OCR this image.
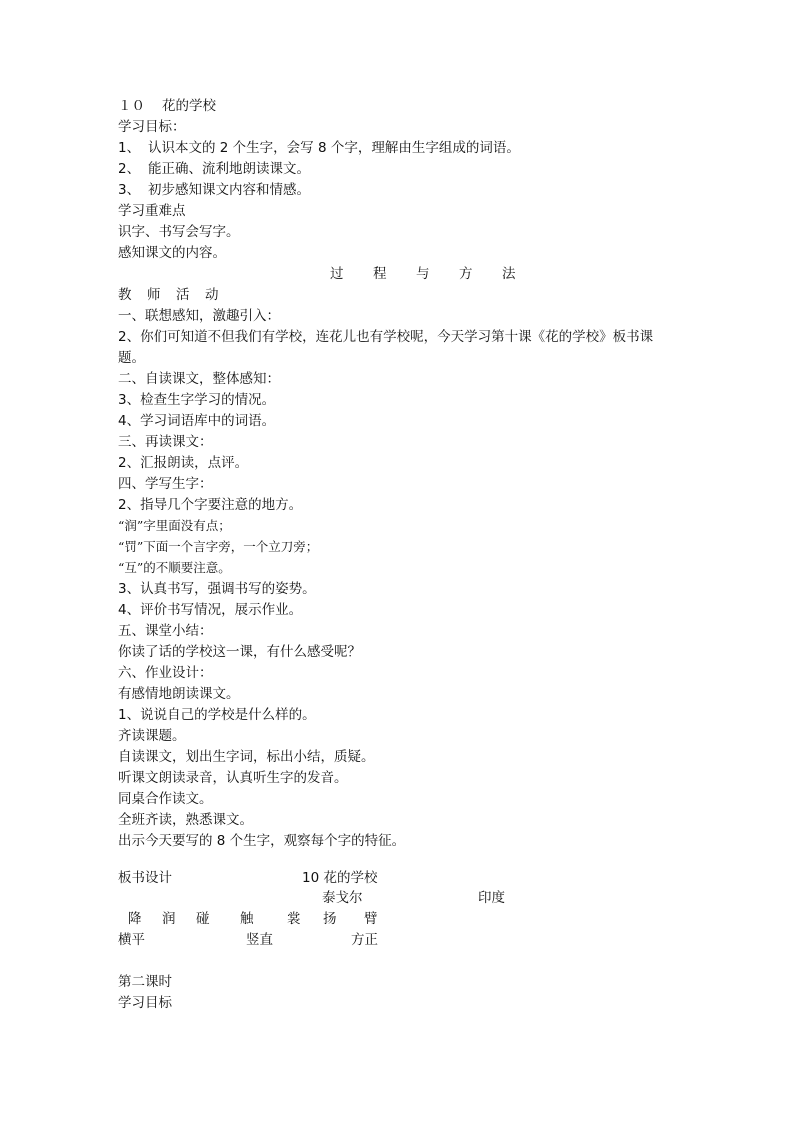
１０ 花的学校
学习目标：
1、 认识本文的 2 个生字，会写 8 个字，理解由生字组成的词语。
2、 能正确、流利地朗读课文。
3、 初步感知课文内容和情感。
学习重难点
识字、书写会写字。
感知课文的内容。
过 程 与 方 法
教 师 活 动
一、联想感知，激趣引入：
2、你们可知道不但我们有学校，连花儿也有学校呢，今天学习第十课《花的学校》板书课
题。
二、自读课文，整体感知：
3、检查生字学习的情况。
4、学习词语库中的词语。
三、再读课文：
2、汇报朗读，点评。
四、学写生字：
2、指导几个字要注意的地方。
“润”字里面没有点；
“罚”下面一个言字旁，一个立刀旁；
“互”的不顺要注意。
3、认真书写，强调书写的姿势。
4、评价书写情况，展示作业。
五、课堂小结：
你读了话的学校这一课，有什么感受呢？
六、作业设计：
有感情地朗读课文。
1、说说自己的学校是什么样的。
齐读课题。
自读课文，划出生字词，标出小结，质疑。
听课文朗读录音，认真听生字的发音。
同桌合作读文。
全班齐读，熟悉课文。
出示今天要写的 8 个生字，观察每个字的特征。
板书设计	10 花的学校
泰戈尔	印度
降 润 碰 触 裳 扬 臂
横平	竖直	方正
第二课时
学习目标
